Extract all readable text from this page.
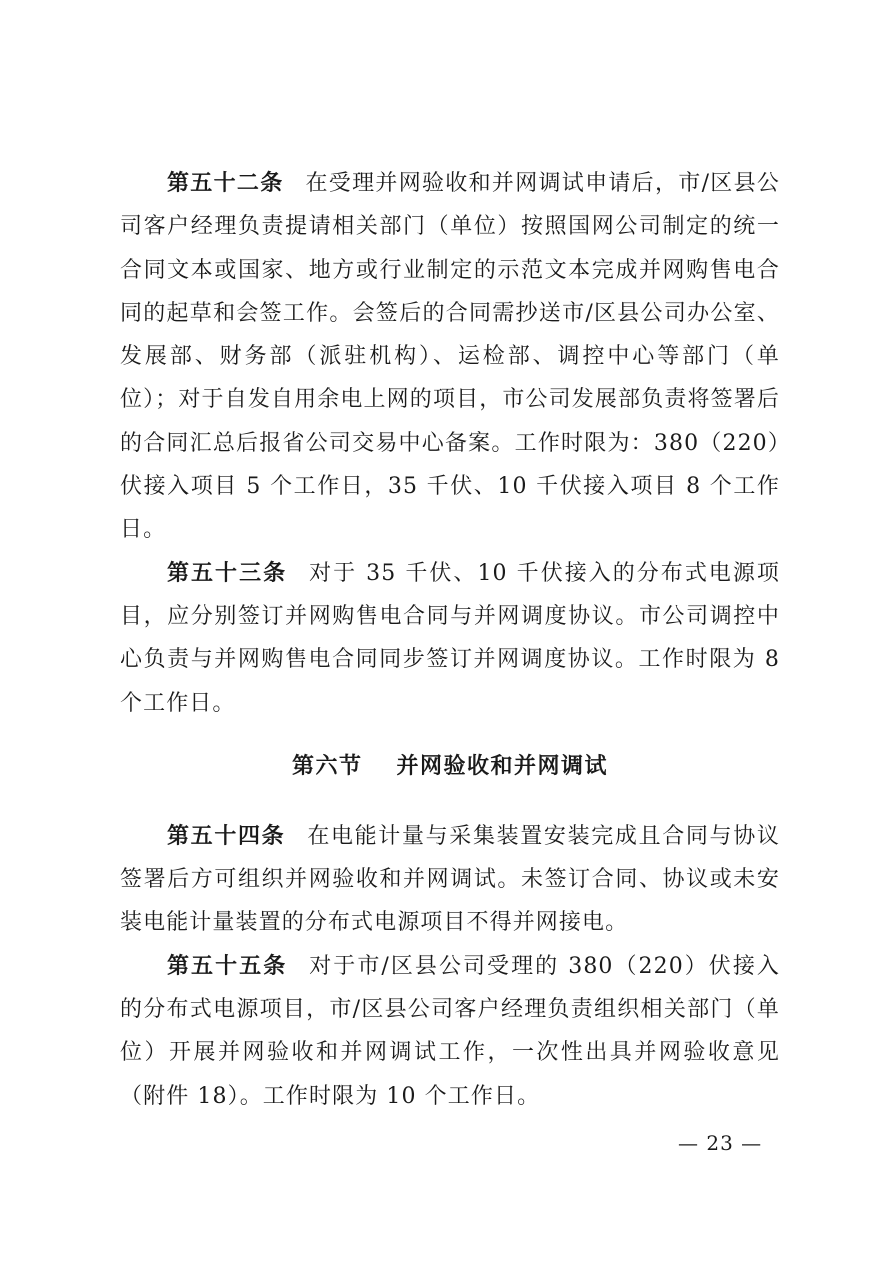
第五十二条 在受理并网验收和并网调试申请后，市/区县公司客户经理负责提请相关部门（单位）按照国网公司制定的统一合同文本或国家、地方或行业制定的示范文本完成并网购售电合同的起草和会签工作。会签后的合同需抄送市/区县公司办公室、发展部、财务部（派驻机构）、运检部、调控中心等部门（单位）；对于自发自用余电上网的项目，市公司发展部负责将签署后的合同汇总后报省公司交易中心备案。工作时限为：380（220）伏接入项目 5 个工作日，35 千伏、10 千伏接入项目 8 个工作日。

第五十三条 对于 35 千伏、10 千伏接入的分布式电源项目，应分别签订并网购售电合同与并网调度协议。市公司调控中心负责与并网购售电合同同步签订并网调度协议。工作时限为 8 个工作日。

第六节 并网验收和并网调试

第五十四条 在电能计量与采集装置安装完成且合同与协议签署后方可组织并网验收和并网调试。未签订合同、协议或未安装电能计量装置的分布式电源项目不得并网接电。

第五十五条 对于市/区县公司受理的 380（220）伏接入的分布式电源项目，市/区县公司客户经理负责组织相关部门（单位）开展并网验收和并网调试工作，一次性出具并网验收意见（附件 18）。工作时限为 10 个工作日。

— 23 —
